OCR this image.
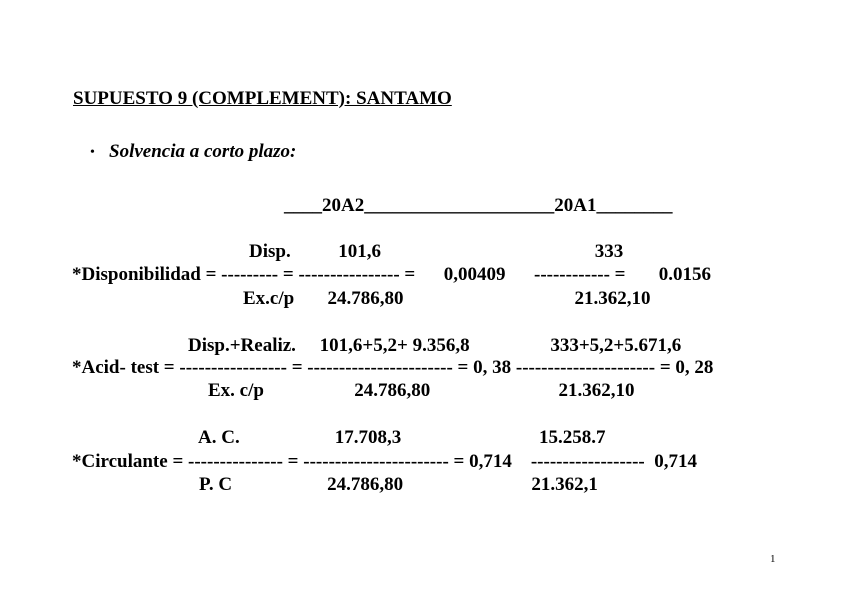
SUPUESTO 9 (COMPLEMENT): SANTAMO
• Solvencia a corto plazo:
____20A2____________________20A1________
Disp.          101,6                                             333
*Disponibilidad = --------- = ---------------- =      0,00409      ------------ =       0.0156
Ex.c/p       24.786,80                                    21.362,10
Disp.+Realiz.     101,6+5,2+ 9.356,8                 333+5,2+5.671,6
*Acid- test = ----------------- = ----------------------- = 0, 38 ---------------------- = 0, 28
Ex. c/p                   24.786,80                           21.362,10
A. C.                    17.708,3                             15.258.7
*Circulante = --------------- = ----------------------- = 0,714    ------------------  0,714
P. C                    24.786,80                           21.362,1
1
